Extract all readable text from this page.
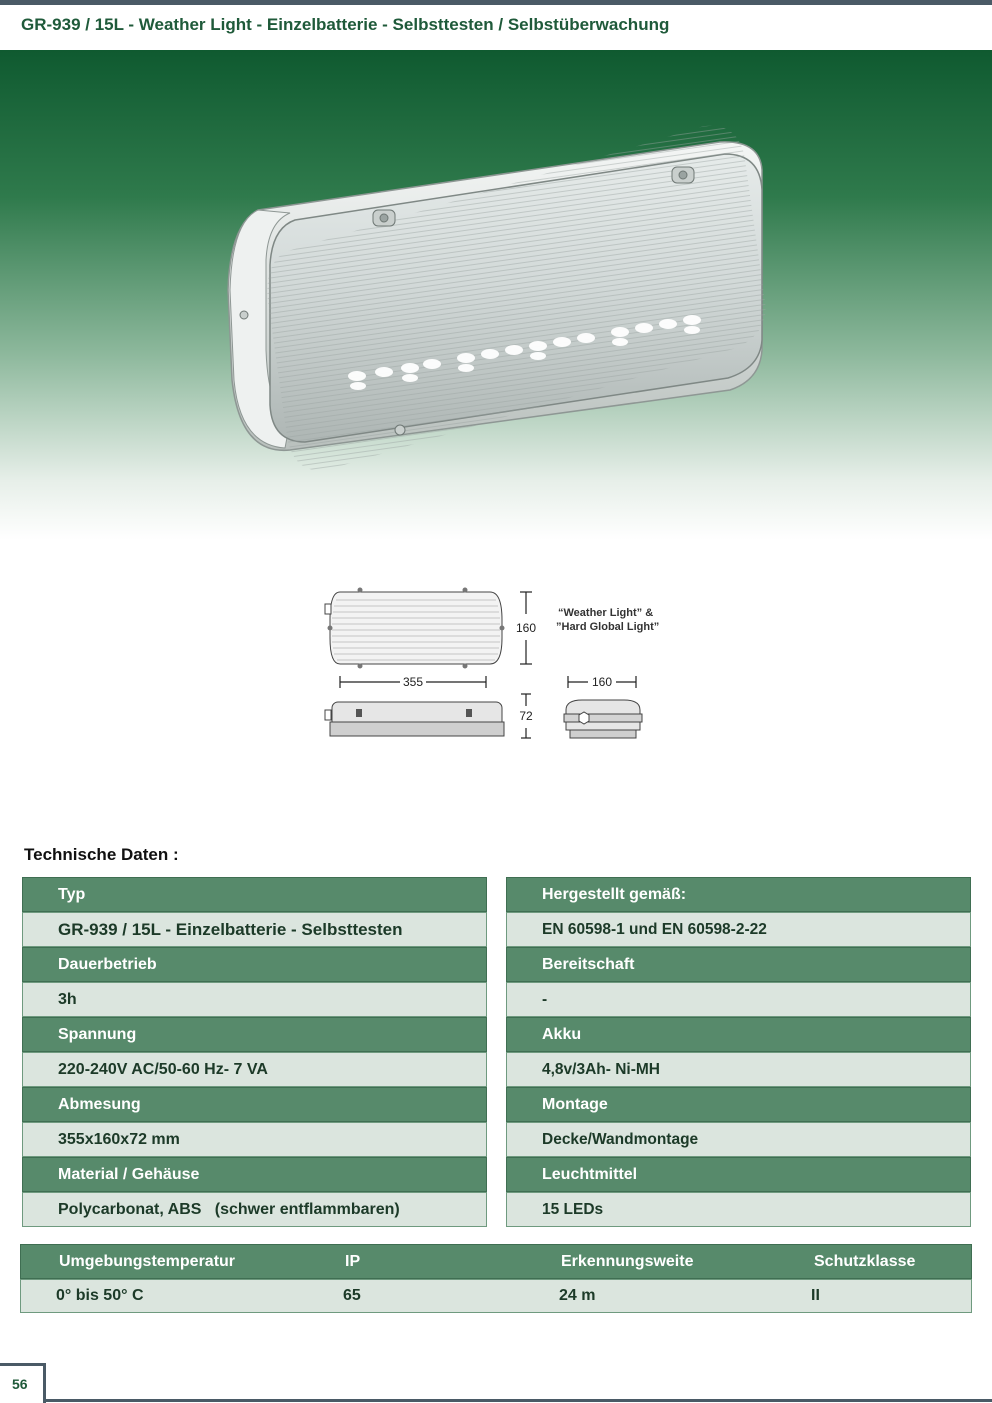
GR-939 / 15L - Weather Light - Einzelbatterie - Selbsttesten / Selbstüberwachung
160
“Weather Light” &
”Hard Global Light”
355
72
160
Technische Daten :
Typ
GR-939 / 15L - Einzelbatterie - Selbsttesten
Dauerbetrieb
3h
Spannung
220-240V AC/50-60 Hz- 7 VA
Abmesung
355x160x72 mm
Material / Gehäuse
Polycarbonat, ABS   (schwer entflammbaren)
Hergestellt gemäß:
EN 60598-1 und EN 60598-2-22
Bereitschaft
-
Akku
4,8v/3Ah- Ni-MH
Montage
Decke/Wandmontage
Leuchtmittel
15 LEDs
Umgebungstemperatur	IP	Erkennungsweite	Schutzklasse
0° bis 50° C	65	24 m	II
56
